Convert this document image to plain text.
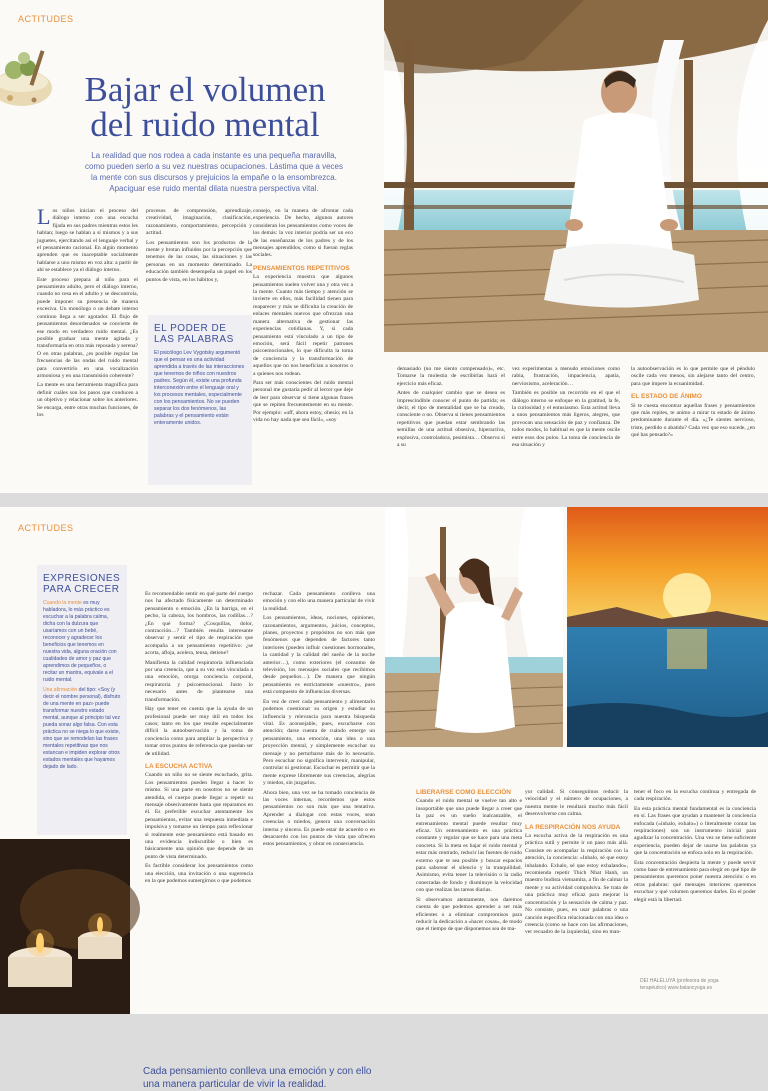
ACTITUDES
Bajar el volumen
del ruido mental

La realidad que nos rodea a cada instante es una pequeña maravilla,

como pueden serlo a su vez nuestras ocupaciones. Lástima que a veces

la mente con sus discursos y prejuicios la empañe o la ensombrezca.

Apaciguar ese ruido mental dilata nuestra perspectiva vital.

Los niños inician el proceso del diálogo interno con una escucha fijada en sus padres mientras estos les hablan; luego se hablan a sí mismos y a sus juguetes, ejercitando así el lenguaje verbal y el pensamiento racional. En algún momento aprenden que es inaceptable socialmente hablarse a uno mismo en voz alta: a partir de ahí se establece ya el diálogo interno.

Este proceso prepara al niño para el pensamiento adulto, pero el diálogo interno, cuando no cesa en el adulto y se descontrola, puede imponer su presencia de manera excesiva. Un monólogo o un debate interno continuo llega a ser agotador. El flujo de pensamientos desordenados se convierte de ese modo en verdadero ruido mental. ¿Es posible graduar una mente agitada y transformarla en otra más reposada y serena? O en otras palabras, ¿es posible regular las frecuencias de las ondas del ruido mental para convertirlo en una vocalización armoniosa y en una transmisión coherente?

La mente es una herramienta magnífica para definir cuáles son los pasos que conducen a un objetivo y relacionar sobre los anteriores. Se encarga, entre otras muchas funciones, de los

procesos de comprensión, aprendizaje, creatividad, imaginación, clasificación, razonamiento, comportamiento, percepción y actitud.

Los pensamientos son los productos de la mente y brotan influidos por la percepción que tenemos de las cosas, las situaciones y las personas en un momento determinado. La educación también desempeña un papel en los puntos de vista, en los hábitos y,

EL PODER DE
LAS PALABRAS
El psicólogo Lev Vygotsky argumentó que el pensar es una actividad aprendida a través de las interacciones que tenemos de niños con nuestros padres. Según él, existe una profunda interconexión entre el lenguaje oral y los procesos mentales, especialmente con los pensamientos. No se pueden separar los dos fenómenos, las palabras y el pensamiento están enteramente unidos.

consejo, en la manera de afrontar cada experiencia. De hecho, algunos autores consideran los pensamientos como voces de los demás: la voz interior podría ser un eco de las enseñanzas de los padres y de los mensajes aprendidos, como si fueran reglas sociales.

PENSAMIENTOS REPETITIVOS

La experiencia muestra que algunos pensamientos suelen volver una y otra vez a la mente. Cuanto más tiempo y atención se invierte en ellos, más facilidad tienen para reaparecer y más se dificulta la creación de enlaces mentales nuevos que ofrezcan una manera alternativa de gestionar las experiencias cotidianas. Y, si cada pensamiento está vinculado a un tipo de emoción, será fácil repetir patrones psicoemocionales, lo que dificulta la toma de conciencia y la transformación de aquellos que no nos benefician a nosotros o a quienes nos rodean.

Para ser más conscientes del ruido mental personal me gustaría pedir al lector que deje de leer para observar si tiene algunas frases que se repiten frecuentemente en su mente. Por ejemplo: «uff, ahora estoy, ohesio; en la vida no hay nada que sea fácil», «soy

demasiado (no me siento compensado)», etc. Tomarse la molestia de escribirlas hará el ejercicio más eficaz.

Antes de cualquier cambio que se desea es imprescindible conocer el punto de partida; es decir, el tipo de mentalidad que se ha creado, consciente o no. Observa si tienes pensamientos repetitivos que puedan estar sembrando las semillas de una actitud obsesiva, hiperactiva, explosiva, controladora, pesimista… Observa si a su

vez experimentas a menudo emociones como rabia, frustración, impaciencia, apatía, nerviosismo, aceleración…

También es posible un recorrido en el que el diálogo interno se enfoque en la gratitud, la fe, la curiosidad y el entusiasmo. Esta actitud lleva a unos pensamientos más ligeros, alegres, que provocan una sensación de paz y confianza. De todos modos, lo habitual es que la mente oscile entre esos dos polos. La toma de conciencia de esa situación y

la autoobservación es lo que permite que el péndulo oscile cada vez menos, sin alejarse tanto del centro, para que impere la ecuanimidad.

EL ESTADO DE ÁNIMO

Si te cuesta encontrar aquellas frases y pensamientos que más repites, te animo a mirar tu estado de ánimo predominante durante el día. «¿Te sientes nervioso, triste, perdido o abatido? Cada vez que eso sucede, ¿en qué has pensado?»

ACTITUDES
Cada pensamiento conlleva una emoción y con ello una manera particular de vivir la realidad.
EXPRESIONES
PARA CRECER

Cuando la mente es muy habladora, lo más práctico es escuchar a la palabra calma, dicha con la dulzura que usaríamos con un bebé, reconocer y agradecer los beneficios que tenemos en nuestra vida, alguna oración con cualidades de amor y paz que aprendimos de pequeños, o recitar un mantra, equivale a el ruido mental.

Una afirmación del tipo: «Soy (y decir el nombre personal), disfruto de una mente en paz» puede transformar nuestro estado mental, aunque al principio tal vez pueda sonar algo falsa. Con esta práctica no se niega lo que existe, sino que se remodelan las frases mentales repetitivas que nos estancan e impiden explorar otros estados mentales que hayamos dejado de lado.

Es recomendable sentir en qué parte del cuerpo nos ha afectado físicamente un determinado pensamiento o emoción. ¿En la barriga, en el pecho, la cabeza, los hombros, las rodillas…? ¿En qué forma? ¿Cosquillas, dolor, contracción…? También resulta interesante observar y sentir el tipo de respiración que acompaña a un pensamiento repetitivo: ¿se acorta, afloja, acelera, tensa, detiene?

Manifiesta la calidad respiratoria influenciada por una creencia, que a su vez está vinculada a una emoción, otorga conciencia corporal, respiratoria y psicoemocional. Justo lo necesario antes de plantearse una transformación.

Hay que tener en cuenta que la ayuda de un profesional puede ser muy útil en todos los casos; tanto en los que resulte especialmente difícil la autoobservación y la toma de conciencia como para ampliar la perspectiva y tomar otros puntos de referencia que puedan ser de utilidad.

LA ESCUCHA ACTIVA

Cuando un niño no se siente escuchado, grita. Los pensamientos pueden llegar a hacer lo mismo. Si una parte en nosotros no se siente atendida, el cuerpo puede llegar a repetir su mensaje obsesivamente hasta que reparamos en él. Es preferible escuchar atentamente los pensamientos, evitar una respuesta inmediata e impulsiva y tomarse un tiempo para reflexionar si realmente este pensamiento está basado en una evidencia indiscutible o bien es básicamente una opinión que depende de un punto de vista determinado.

Es factible considerar los pensamientos como una elección, una invitación o una sugerencia en la que podemos sumergirnos o que podemos

rechazar. Cada pensamiento conlleva una emoción y con ello una manera particular de vivir la realidad.

Los pensamientos, ideas, nociones, opiniones, razonamientos, argumentos, juicios, conceptos, planes, proyectos y propósitos no son más que fenómenos que dependen de factores tanto interiores (pueden influir cuestiones hormonales, la cantidad y la calidad del sueño de la noche anterior…), como exteriores (el consumo de televisión, los mensajes sociales que recibimos desde pequeños…). De manera que ningún pensamiento es estrictamente «nuestro», pues está compuesto de influencias diversas.

En vez de creer cada pensamiento y alimentarlo podemos cuestionar su origen y estudiar su influencia y relevancia para nuestra búsqueda vital. Es aconsejable, pues, escucharse con atención; darse cuenta de cuándo emerge un pensamiento, una emoción, una idea o una proyección mental, y simplemente escuchar su mensaje y no perturbarse más de lo necesario. Pero escuchar no significa intervenir, manipular, controlar ni gestionar. Escuchar es permitir que la mente exprese libremente sus creencias, alegrías y miedos, sin juzgarlos.

Ahora bien, una vez se ha tomado conciencia de las voces internas, recordemos que estos pensamientos no son más que una tentativa. Aprender a dialogar con estas voces, sean creencias o miedos, genera una conversación interna y sincera. Es puede estar de acuerdo o en desacuerdo con los puntos de vista que ofrecen estos pensamientos, y obrar en consecuencia.

LIBERARSE COMO ELECCIÓN

Cuando el ruido mental se vuelve tan alto e insoportable que uno puede llegar a creer que la paz es un sueño inalcanzable, el entrenamiento mental puede resultar muy eficaz. Un entrenamiento es una práctica constante y regular que se hace para una meta concreta. Si la meta es bajar el ruido mental y estar más centrado, reducir las fuentes de ruido externo que te sea posible y buscar espacios para saborear el silencio y la tranquilidad. Asimismo, evita tener la televisión o la radio conectadas de fondo y disminuye la velocidad con que realizas las tareas diarias.

Si observamos atentamente, nos daremos cuenta de que podemos aprender a ser más eficientes o a eliminar compromisos para reducir la dedicación a «hacer cosas», de modo que el tiempo de que disponemos sea de ma-

yor calidad. Si conseguimos reducir la velocidad y el número de ocupaciones, a nuestra mente le resultará mucho más fácil desenvolverse con calma.

LA RESPIRACIÓN NOS AYUDA

La escucha activa de la respiración es una práctica sutil y permite ir un paso más allá. Consiste en acompañar la respiración con la atención, la conciencia: «Inhalo, sé que estoy inhalando. Exhalo, sé que estoy exhalando», recomienda repetir Thich Nhat Hanh, un maestro budista vietnamita, a fin de calmar la mente y su actividad compulsiva. Se trata de una práctica muy eficaz para mejorar la concentración y la sensación de calma y paz. No consiste, pues, en usar palabras o una canción específica relacionada con una idea o creencia (como se hace con las afirmaciones, ver recuadro de la izquierda), sino en man-

tener el foco en la escucha continua y entregada de cada respiración.

En esta práctica mental fundamental es la conciencia en sí. Las frases que ayudan a mantener la conciencia enfocada («inhalo, exhalo») o literalmente contar las respiraciones) son un instrumento inicial para agudizar la concentración. Una vez se tiene suficiente experiencia, pueden dejar de usarse las palabras ya que la concentración se enfoca solo en la respiración.

Esta concentración despierta la mente y puede servir como base de entrenamiento para elegir en qué tipo de pensamientos queremos poner nuestra atención: o en otras palabras: qué mensajes interiores queremos escuchar y qué volumen queremos darles. En el poder elegir está la libertad.

DEI HALÉLUYA (profesora de yoga
terapéutico) www.balancyoga.es
